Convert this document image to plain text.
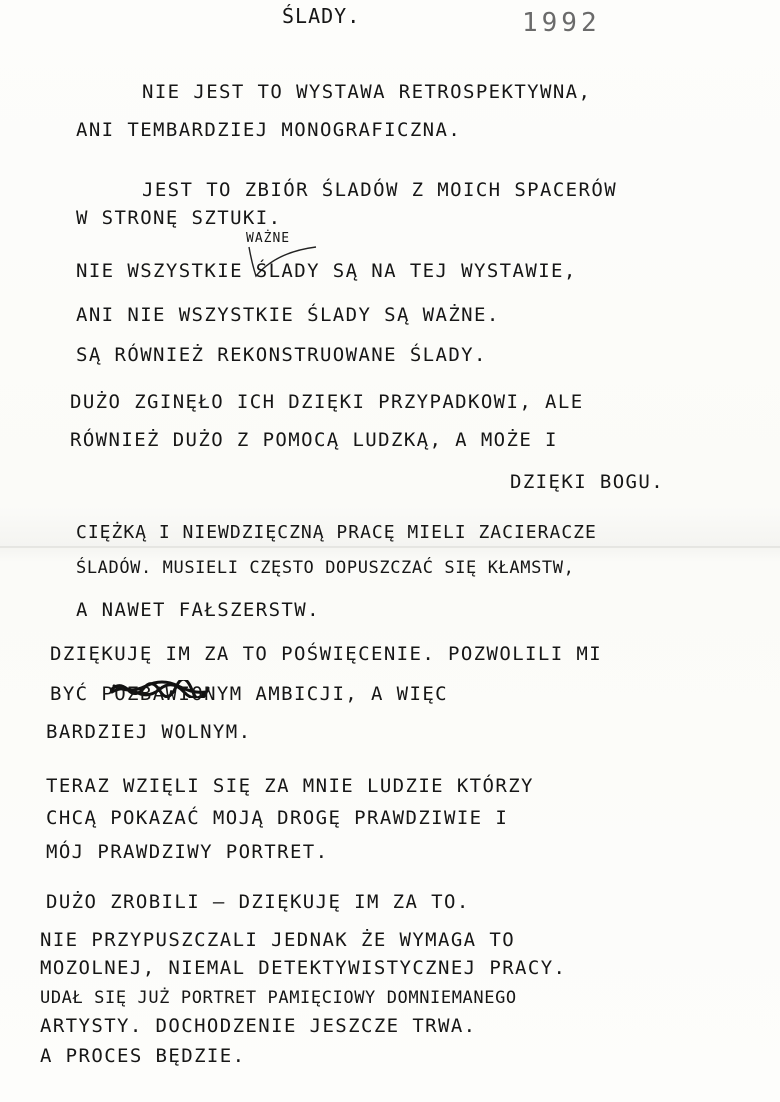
ŚLADY.	1992
WAŻNE

NIE JEST TO WYSTAWA RETROSPEKTYWNA,

ANI TEMBARDZIEJ MONOGRAFICZNA.

JEST TO ZBIÓR ŚLADÓW Z MOICH SPACERÓW

W STRONĘ SZTUKI.

NIE WSZYSTKIE ŚLADY SĄ NA TEJ WYSTAWIE,

ANI NIE WSZYSTKIE ŚLADY SĄ WAŻNE.

SĄ RÓWNIEŻ REKONSTRUOWANE ŚLADY.

DUŻO ZGINĘŁO ICH DZIĘKI PRZYPADKOWI, ALE

RÓWNIEŻ DUŻO Z POMOCĄ LUDZKĄ, A MOŻE I

DZIĘKI BOGU.

CIĘŻKĄ I NIEWDZIĘCZNĄ PRACĘ MIELI ZACIERACZE

ŚLADÓW. MUSIELI CZĘSTO DOPUSZCZAĆ SIĘ KŁAMSTW,

A NAWET FAŁSZERSTW.

DZIĘKUJĘ IM ZA TO POŚWIĘCENIE. POZWOLILI MI

BYĆ POZBAWIONYM AMBICJI, A WIĘC

BARDZIEJ WOLNYM.

TERAZ WZIĘLI SIĘ ZA MNIE LUDZIE KTÓRZY

CHCĄ POKAZAĆ MOJĄ DROGĘ PRAWDZIWIE I

MÓJ PRAWDZIWY PORTRET.

DUŻO ZROBILI – DZIĘKUJĘ IM ZA TO.

NIE PRZYPUSZCZALI JEDNAK ŻE WYMAGA TO

MOZOLNEJ, NIEMAL DETEKTYWISTYCZNEJ PRACY.

UDAŁ SIĘ JUŻ PORTRET PAMIĘCIOWY DOMNIEMANEGO

ARTYSTY. DOCHODZENIE JESZCZE TRWA.

A PROCES BĘDZIE.
